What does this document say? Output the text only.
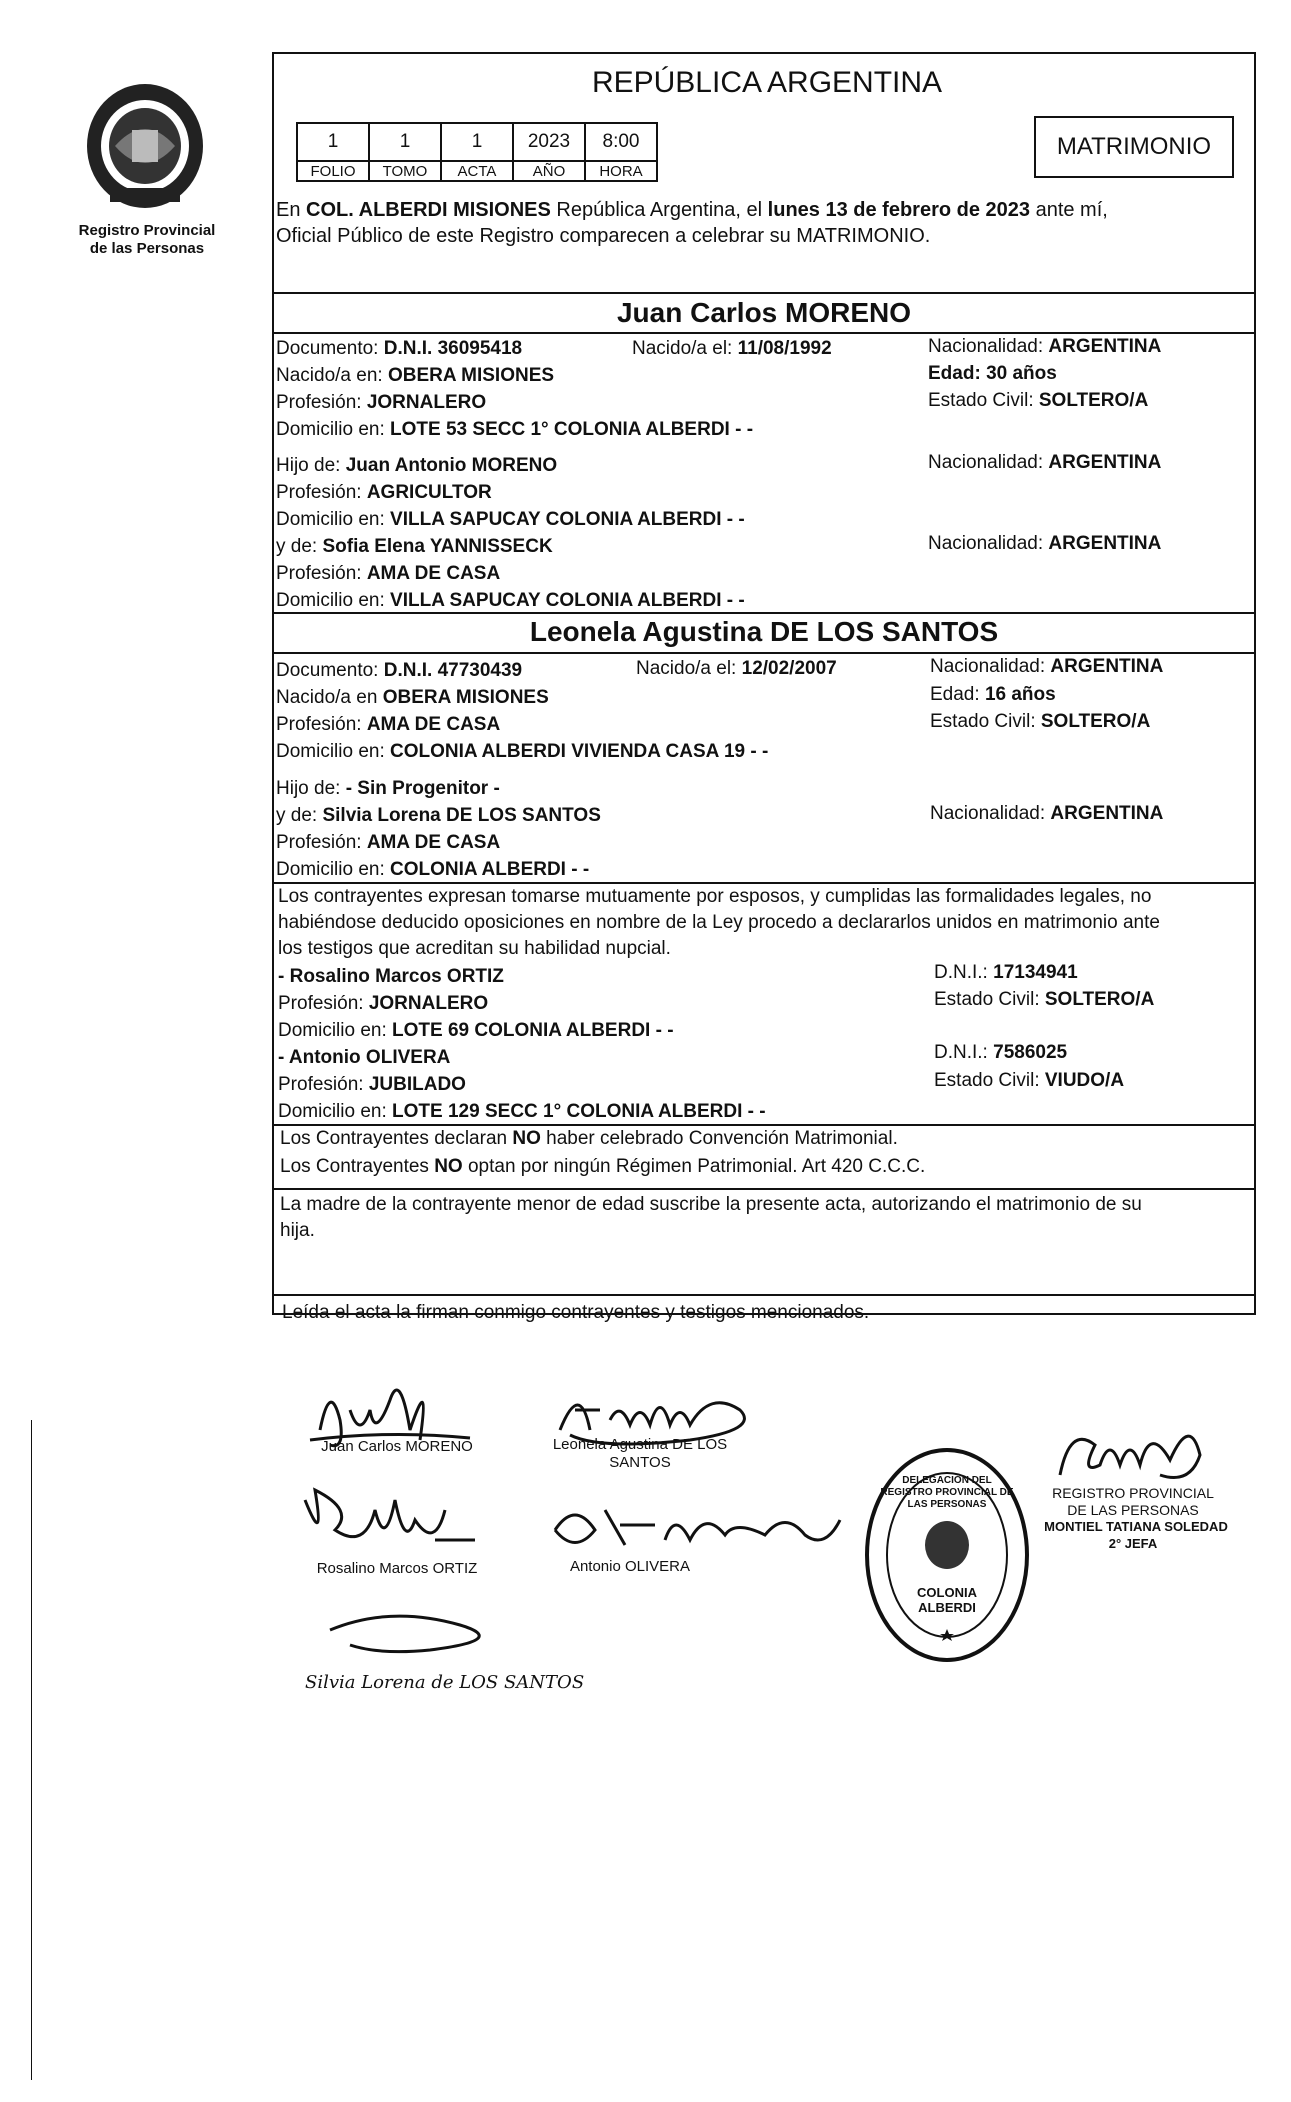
Registro Provincial
de las Personas
REPÚBLICA ARGENTINA
1	1	1	2023	8:00
FOLIO	TOMO	ACTA	AÑO	HORA
MATRIMONIO
En COL. ALBERDI MISIONES República Argentina, el lunes 13 de febrero de 2023 ante mí,
Oficial Público de este Registro comparecen a celebrar su MATRIMONIO.
Juan Carlos MORENO
Documento: D.N.I. 36095418	Nacido/a el: 11/08/1992	Nacionalidad: ARGENTINA
Nacido/a en: OBERA MISIONES	Edad: 30 años
Profesión: JORNALERO	Estado Civil: SOLTERO/A
Domicilio en: LOTE 53 SECC 1° COLONIA ALBERDI - -
Hijo de: Juan Antonio MORENO	Nacionalidad: ARGENTINA
Profesión: AGRICULTOR
Domicilio en: VILLA SAPUCAY COLONIA ALBERDI - -
y de: Sofia Elena YANNISSECK	Nacionalidad: ARGENTINA
Profesión: AMA DE CASA
Domicilio en: VILLA SAPUCAY COLONIA ALBERDI - -
Leonela Agustina DE LOS SANTOS
Documento: D.N.I. 47730439	Nacido/a el: 12/02/2007	Nacionalidad: ARGENTINA
Nacido/a en OBERA MISIONES	Edad: 16 años
Profesión: AMA DE CASA	Estado Civil: SOLTERO/A
Domicilio en: COLONIA ALBERDI VIVIENDA CASA 19 - -
Hijo de: - Sin Progenitor -
y de: Silvia Lorena DE LOS SANTOS	Nacionalidad: ARGENTINA
Profesión: AMA DE CASA
Domicilio en: COLONIA ALBERDI - -
Los contrayentes expresan tomarse mutuamente por esposos, y cumplidas las formalidades legales, no
habiéndose deducido oposiciones en nombre de la Ley procedo a declararlos unidos en matrimonio ante
los testigos que acreditan su habilidad nupcial.
- Rosalino Marcos ORTIZ	D.N.I.: 17134941
Profesión: JORNALERO	Estado Civil: SOLTERO/A
Domicilio en: LOTE 69 COLONIA ALBERDI - -
- Antonio OLIVERA	D.N.I.: 7586025
Profesión: JUBILADO	Estado Civil: VIUDO/A
Domicilio en: LOTE 129 SECC 1° COLONIA ALBERDI - -
Los Contrayentes declaran NO haber celebrado Convención Matrimonial.
Los Contrayentes NO optan por ningún Régimen Patrimonial. Art 420 C.C.C.
La madre de la contrayente menor de edad suscribe la presente acta, autorizando el matrimonio de su
hija.
Leída el acta la firman conmigo contrayentes y testigos mencionados.
Juan Carlos MORENO	Leonela Agustina DE LOS
SANTOS
Rosalino Marcos ORTIZ	Antonio OLIVERA
Silvia Lorena de LOS SANTOS
COLONIA ALBERDI
DELEGACIÓN DEL REGISTRO PROVINCIAL DE LAS PERSONAS
REGISTRO PROVINCIAL
DE LAS PERSONAS
MONTIEL TATIANA SOLEDAD
2° JEFA
